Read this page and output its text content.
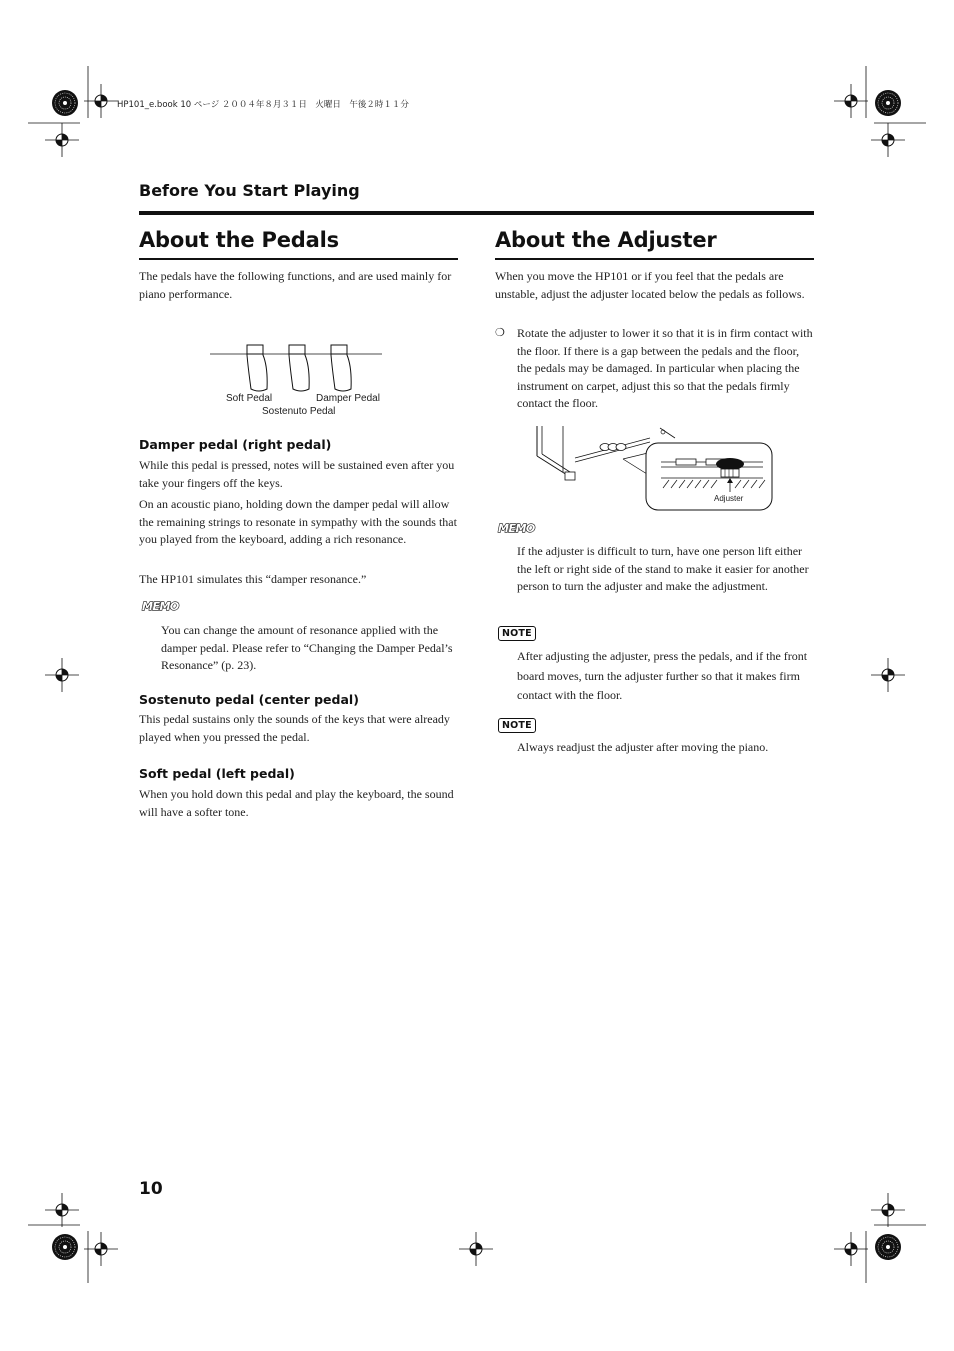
HP101_e.book 10 ページ ２００４年８月３１日　火曜日　午後２時１１分
Before You Start Playing
About the Pedals

The pedals have the following functions, and are used mainly for piano performance.

Soft Pedal	Damper Pedal
Sostenuto Pedal
Damper pedal (right pedal)

While this pedal is pressed, notes will be sustained even after you take your fingers off the keys.

On an acoustic piano, holding down the damper pedal will allow the remaining strings to resonate in sympathy with the sounds that you played from the keyboard, adding a rich resonance.

The HP101 simulates this “damper resonance.”

MEMO

You can change the amount of resonance applied with the damper pedal. Please refer to “Changing the Damper Pedal’s Resonance” (p. 23).

Sostenuto pedal (center pedal)

This pedal sustains only the sounds of the keys that were already played when you pressed the pedal.

Soft pedal (left pedal)

When you hold down this pedal and play the keyboard, the sound will have a softer tone.

About the Adjuster

When you move the HP101 or if you feel that the pedals are unstable, adjust the adjuster located below the pedals as follows.

❍ Rotate the adjuster to lower it so that it is in firm contact with the floor. If there is a gap between the pedals and the floor, the pedals may be damaged. In particular when placing the instrument on carpet, adjust this so that the pedals firmly contact the floor.

Adjuster
MEMO

If the adjuster is difficult to turn, have one person lift either the left or right side of the stand to make it easier for another person to turn the adjuster and make the adjustment.

NOTE

After adjusting the adjuster, press the pedals, and if the front board moves, turn the adjuster further so that it makes firm contact with the floor.

NOTE

Always readjust the adjuster after moving the piano.

10
